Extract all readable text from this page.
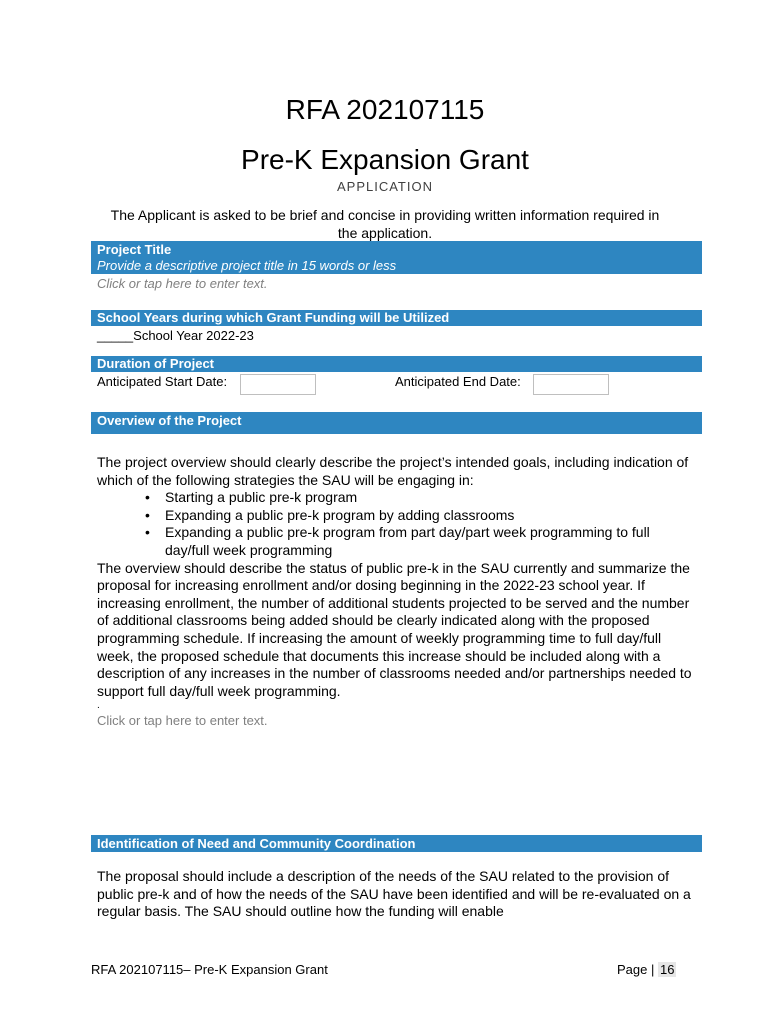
RFA 202107115
Pre-K Expansion Grant
APPLICATION
The Applicant is asked to be brief and concise in providing written information required in the application.
Project Title
Provide a descriptive project title in 15 words or less
Click or tap here to enter text.
School Years during which Grant Funding will be Utilized
_____School Year 2022-23
Duration of Project
Anticipated Start Date:	Anticipated End Date:
Overview of the Project

The project overview should clearly describe the project’s intended goals, including indication of which of the following strategies the SAU will be engaging in:

• Starting a public pre-k program
• Expanding a public pre-k program by adding classrooms
• Expanding a public pre-k program from part day/part week programming to full day/full week programming

The overview should describe the status of public pre-k in the SAU currently and summarize the proposal for increasing enrollment and/or dosing beginning in the 2022-23 school year. If increasing enrollment, the number of additional students projected to be served and the number of additional classrooms being added should be clearly indicated along with the proposed programming schedule. If increasing the amount of weekly programming time to full day/full week, the proposed schedule that documents this increase should be included along with a description of any increases in the number of classrooms needed and/or partnerships needed to support full day/full week programming.

.

Click or tap here to enter text.

Identification of Need and Community Coordination
The proposal should include a description of the needs of the SAU related to the provision of public pre-k and of how the needs of the SAU have been identified and will be re-evaluated on a regular basis. The SAU should outline how the funding will enable
RFA 202107115– Pre-K Expansion Grant	Page | 16
